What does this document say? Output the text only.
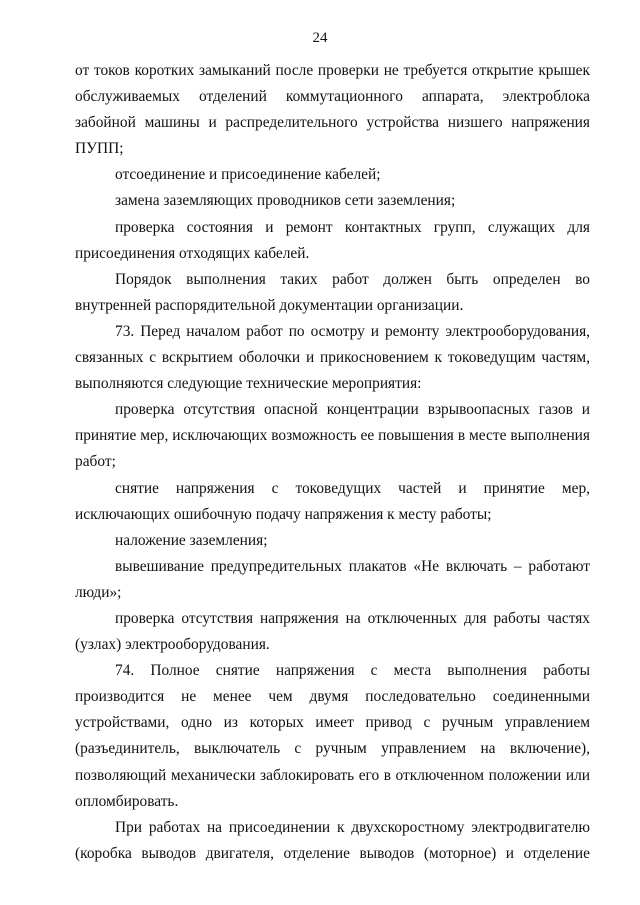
24

от токов коротких замыканий после проверки не требуется открытие крышек обслуживаемых отделений коммутационного аппарата, электроблока забойной машины и распределительного устройства низшего напряжения ПУПП;

отсоединение и присоединение кабелей;

замена заземляющих проводников сети заземления;

проверка состояния и ремонт контактных групп, служащих для присоединения отходящих кабелей.

Порядок выполнения таких работ должен быть определен во внутренней распорядительной документации организации.

73. Перед началом работ по осмотру и ремонту электрооборудования, связанных с вскрытием оболочки и прикосновением к токоведущим частям, выполняются следующие технические мероприятия:

проверка отсутствия опасной концентрации взрывоопасных газов и принятие мер, исключающих возможность ее повышения в месте выполнения работ;

снятие напряжения с токоведущих частей и принятие мер, исключающих ошибочную подачу напряжения к месту работы;

наложение заземления;

вывешивание предупредительных плакатов «Не включать – работают люди»;

проверка отсутствия напряжения на отключенных для работы частях (узлах) электрооборудования.

74. Полное снятие напряжения с места выполнения работы производится не менее чем двумя последовательно соединенными устройствами, одно из которых имеет привод с ручным управлением (разъединитель, выключатель с ручным управлением на включение), позволяющий механически заблокировать его в отключенном положении или опломбировать.

При работах на присоединении к двухскоростному электродвигателю (коробка выводов двигателя, отделение выводов (моторное) и отделение
